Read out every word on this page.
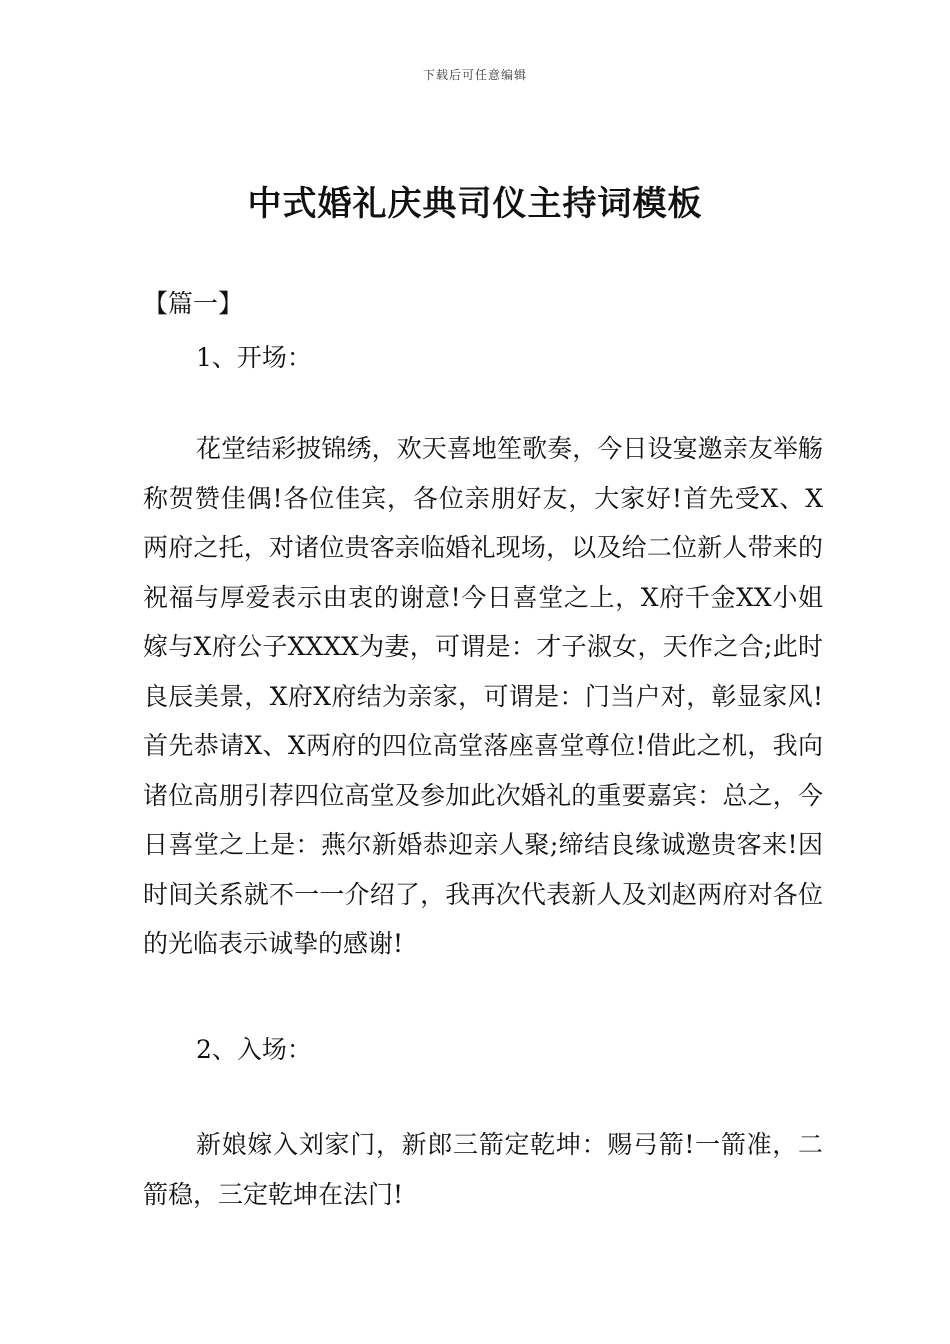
下载后可任意编辑
中式婚礼庆典司仪主持词模板
【篇一】
1、开场：

花堂结彩披锦绣，欢天喜地笙歌奏，今日设宴邀亲友举觞称贺赞佳偶!各位佳宾，各位亲朋好友，大家好!首先受X、X两府之托，对诸位贵客亲临婚礼现场，以及给二位新人带来的祝福与厚爱表示由衷的谢意!今日喜堂之上，X府千金XX小姐嫁与X府公子XXXX为妻，可谓是：才子淑女，天作之合;此时良辰美景，X府X府结为亲家，可谓是：门当户对，彰显家风!首先恭请X、X两府的四位高堂落座喜堂尊位!借此之机，我向诸位高朋引荐四位高堂及参加此次婚礼的重要嘉宾：总之，今日喜堂之上是：燕尔新婚恭迎亲人聚;缔结良缘诚邀贵客来!因时间关系就不一一介绍了，我再次代表新人及刘赵两府对各位的光临表示诚挚的感谢!

2、入场：

新娘嫁入刘家门，新郎三箭定乾坤：赐弓箭!一箭准，二箭稳，三定乾坤在法门!
